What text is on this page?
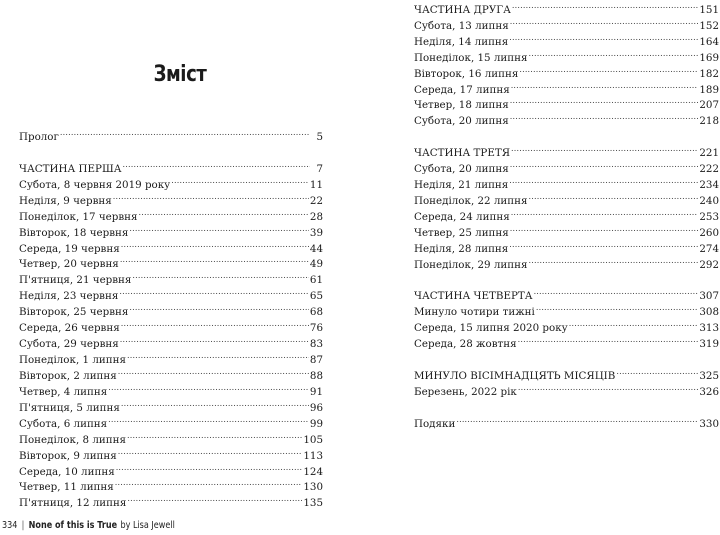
Зміст
Пролог .....	5
ЧАСТИНА ПЕРША .....	7
Субота, 8 червня 2019 року .....	11
Неділя, 9 червня .....	22
Понеділок, 17 червня .....	28
Вівторок, 18 червня .....	39
Середа, 19 червня .....	44
Четвер, 20 червня .....	49
П'ятниця, 21 червня .....	61
Неділя, 23 червня .....	65
Вівторок, 25 червня .....	68
Середа, 26 червня .....	76
Субота, 29 червня .....	83
Понеділок, 1 липня .....	87
Вівторок, 2 липня .....	88
Четвер, 4 липня .....	91
П'ятниця, 5 липня .....	96
Субота, 6 липня .....	99
Понеділок, 8 липня .....	105
Вівторок, 9 липня .....	113
Середа, 10 липня .....	124
Четвер, 11 липня .....	130
П'ятниця, 12 липня .....	135
ЧАСТИНА ДРУГА .....	151
Субота, 13 липня .....	152
Неділя, 14 липня .....	164
Понеділок, 15 липня .....	169
Вівторок, 16 липня .....	182
Середа, 17 липня .....	189
Четвер, 18 липня .....	207
Субота, 20 липня .....	218
ЧАСТИНА ТРЕТЯ .....	221
Субота, 20 липня .....	222
Неділя, 21 липня .....	234
Понеділок, 22 липня .....	240
Середа, 24 липня .....	253
Четвер, 25 липня .....	260
Неділя, 28 липня .....	274
Понеділок, 29 липня .....	292
ЧАСТИНА ЧЕТВЕРТА .....	307
Минуло чотири тижні .....	308
Середа, 15 липня 2020 року .....	313
Середа, 28 жовтня .....	319
МИНУЛО ВІСІМНАДЦЯТЬ МІСЯЦІВ .....	325
Березень, 2022 рік .....	326
Подяки .....	330
334 | None of this is True by Lisa Jewell
